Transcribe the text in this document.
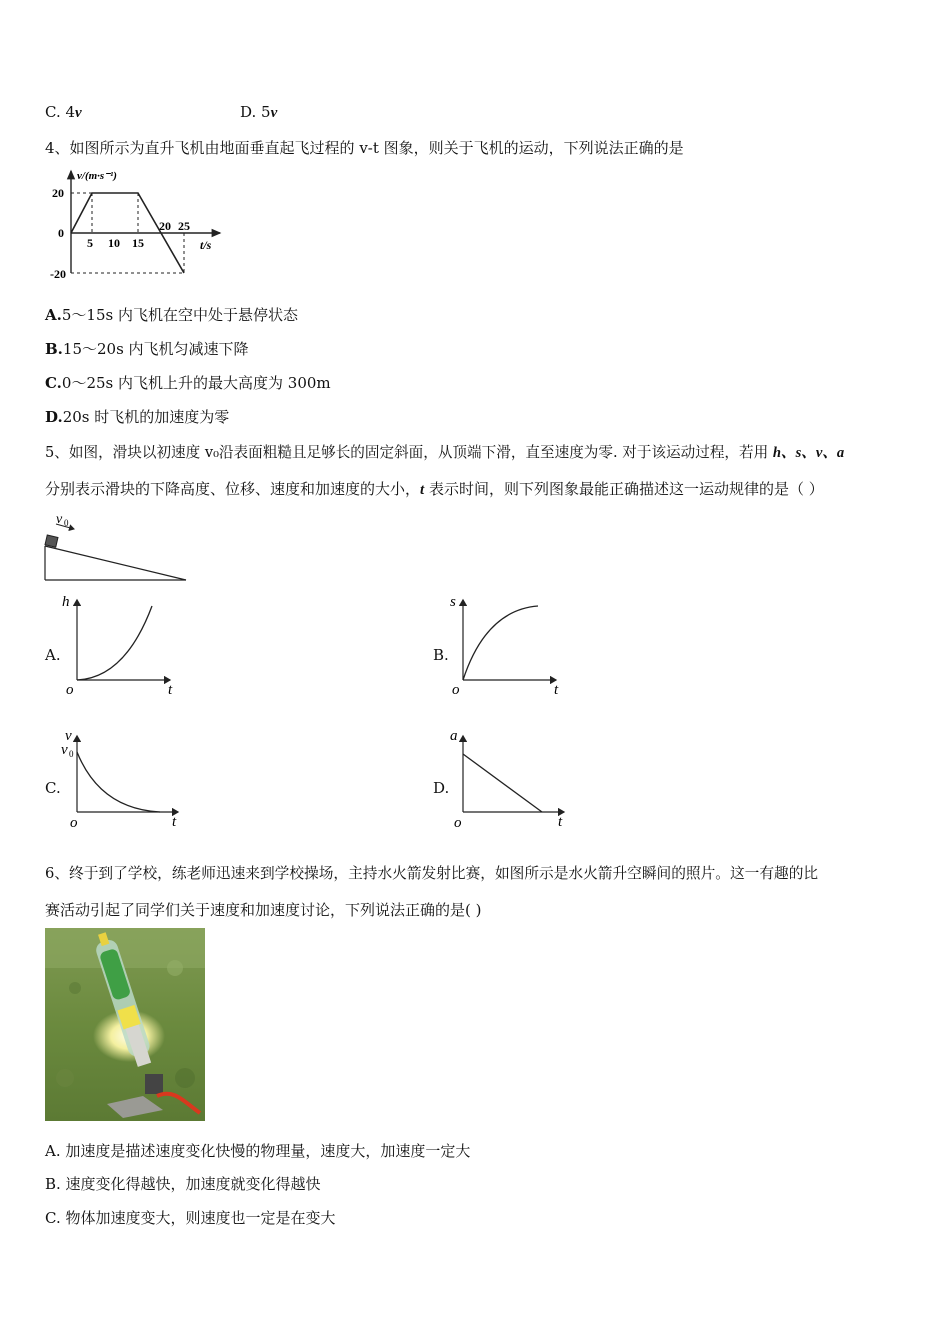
C. 4v	D. 5v
4、如图所示为直升飞机由地面垂直起飞过程的 v-t 图象，则关于飞机的运动，下列说法正确的是
v/(m·s⁻¹)
t/s
20
0
-20
5 10 15
20 25
A.5～15s 内飞机在空中处于悬停状态
B.15～20s 内飞机匀减速下降
C.0～25s 内飞机上升的最大高度为 300m
D.20s 时飞机的加速度为零
5、如图，滑块以初速度 v₀沿表面粗糙且足够长的固定斜面，从顶端下滑，直至速度为零. 对于该运动过程，若用 h、s、v、a
分别表示滑块的下降高度、位移、速度和加速度的大小，t 表示时间，则下列图象最能正确描述这一运动规律的是（ ）
v 0
A.
h
t
o
B.
s
t
o
C.
v
v 0
t
o
D.
a
t
o
6、终于到了学校，练老师迅速来到学校操场，主持水火箭发射比赛，如图所示是水火箭升空瞬间的照片。这一有趣的比
赛活动引起了同学们关于速度和加速度讨论，下列说法正确的是( )
A. 加速度是描述速度变化快慢的物理量，速度大，加速度一定大
B. 速度变化得越快，加速度就变化得越快
C. 物体加速度变大，则速度也一定是在变大
